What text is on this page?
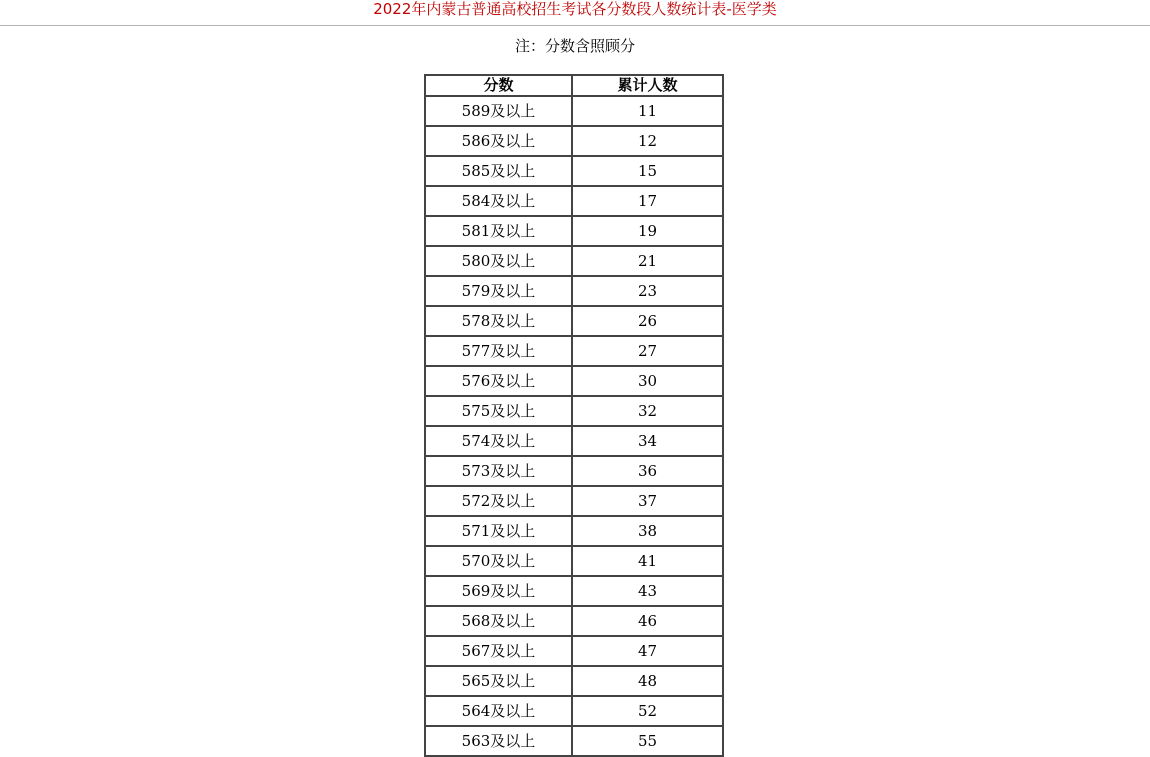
2022年内蒙古普通高校招生考试各分数段人数统计表-医学类
注：分数含照顾分
分数	累计人数
589及以上	11
586及以上	12
585及以上	15
584及以上	17
581及以上	19
580及以上	21
579及以上	23
578及以上	26
577及以上	27
576及以上	30
575及以上	32
574及以上	34
573及以上	36
572及以上	37
571及以上	38
570及以上	41
569及以上	43
568及以上	46
567及以上	47
565及以上	48
564及以上	52
563及以上	55
